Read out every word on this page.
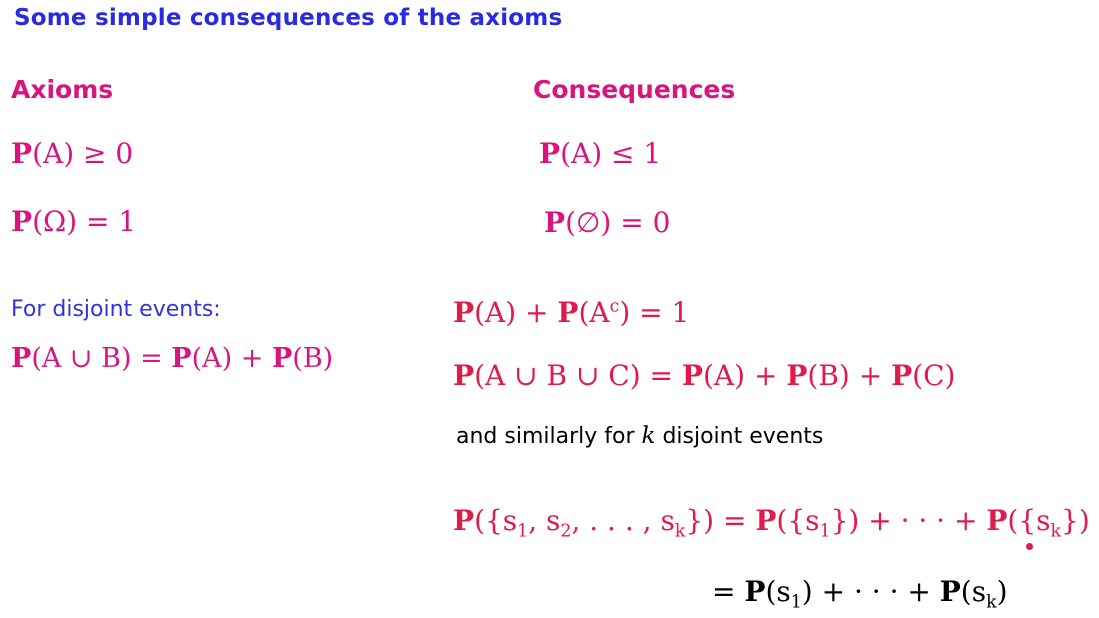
Some simple consequences of the axioms
Axioms	Consequences
P(A) ≥ 0	P(A) ≤ 1
P(Ω) = 1	P(∅) = 0
For disjoint events:
P(A ∪ B) = P(A) + P(B)
$P(A) + P(A^c) = 1$
P(A ∪ B ∪ C) = P(A) + P(B) + P(C)
and similarly for k disjoint events
$P(\{s_1$, $s_2$, . . . , $s_k\}) = P(\{s_1\})$ + · · · + $P(\{s_k\})$
= $P(s_1)$ + · · · + $P(s_k)$
